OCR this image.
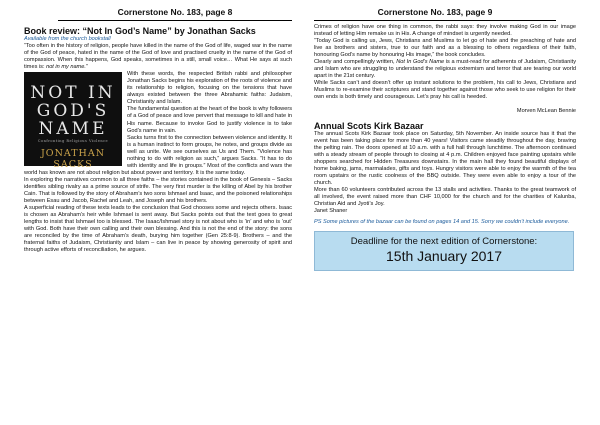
Cornerstone No. 183, page 8
Book review: “Not In God’s Name” by Jonathan Sacks
Available from the church bookstall

“Too often in the history of religion, people have killed in the name of the God of life, waged war in the name of the God of peace, hated in the name of the God of love and practised cruelty in the name of the God of compassion. When this happens, God speaks, sometimes in a still, small voice… What He says at such times is: not in my name.”

NOT IN
GOD'S
NAME
Confronting Religious Violence
JONATHAN SACKS

With these words, the respected British rabbi and philosopher Jonathan Sacks begins his exploration of the roots of violence and its relationship to religion, focusing on the tensions that have always existed between the three Abrahamic faiths: Judaism, Christianity and Islam.

The fundamental question at the heart of the book is why followers of a God of peace and love pervert that message to kill and hate in His name. Because to invoke God to justify violence is to take God’s name in vain.

Sacks turns first to the connection between violence and identity. It is a human instinct to form groups, he notes, and groups divide as well as unite. We see ourselves as Us and Them. “Violence has nothing to do with religion as such,” argues Sacks. “It has to do with identity and life in groups.” Most of the conflicts and wars the world has known are not about religion but about power and territory. It is the same today.

In exploring the narratives common to all three faiths – the stories contained in the book of Genesis – Sacks identifies sibling rivalry as a prime source of strife. The very first murder is the killing of Abel by his brother Cain. That is followed by the story of Abraham’s two sons Ishmael and Isaac, and the poisoned relationships between Esau and Jacob, Rachel and Leah, and Joseph and his brothers.

A superficial reading of these texts leads to the conclusion that God chooses some and rejects others. Isaac is chosen as Abraham’s heir while Ishmael is sent away. But Sacks points out that the text goes to great lengths to insist that Ishmael too is blessed. The Isaac/Ishmael story is not about who is ‘in’ and who is ‘out’ with God. Both have their own calling and their own blessing. And this is not the end of the story: the sons are reconciled by the time of Abraham’s death, burying him together (Gen 25:8-9). Brothers – and the fraternal faiths of Judaism, Christianity and Islam – can live in peace by showing generosity of spirit and through active efforts of reconciliation, he argues.

Cornerstone No. 183, page 9

Crimes of religion have one thing in common, the rabbi says: they involve making God in our image instead of letting Him remake us in His. A change of mindset is urgently needed.

“Today God is calling us, Jews, Christians and Muslims to let go of hate and the preaching of hate and live as brothers and sisters, true to our faith and as a blessing to others regardless of their faith, honouring God’s name by honouring His image,” the book concludes.

Clearly and compellingly written, Not In God’s Name is a must-read for adherents of Judaism, Christianity and Islam who are struggling to understand the religious extremism and terror that are tearing our world apart in the 21st century.

While Sacks can’t and doesn’t offer up instant solutions to the problem, his call to Jews, Christians and Muslims to re-examine their scriptures and stand together against those who seek to use religion for their own ends is both timely and courageous. Let’s pray his call is heeded.

Morven McLean Bennie
Annual Scots Kirk Bazaar

The annual Scots Kirk Bazaar took place on Saturday, 5th November. An inside source has it that the event has been taking place for more than 40 years! Visitors came steadily throughout the day, braving the pelting rain. The doors opened at 10 a.m. with a full hall through lunchtime. The afternoon continued with a steady stream of people through to closing at 4 p.m. Children enjoyed face painting upstairs while shoppers searched for Hidden Treasures downstairs. In the main hall they found beautiful displays of home baking, jams, marmalades, gifts and toys. Hungry visitors were able to enjoy the warmth of the tea room upstairs or the rustic coolness of the BBQ outside. They were even able to enjoy a tour of the church.

More than 60 volunteers contributed across the 13 stalls and activities. Thanks to the great teamwork of all involved, the event raised more than CHF 10,000 for the church and for the charities of Kalunba, Christian Aid and Jyoti’s Joy.

Janet Shaner

PS Some pictures of the bazaar can be found on pages 14 and 15. Sorry we couldn’t include everyone.
Deadline for the next edition of Cornerstone:
15th January 2017
